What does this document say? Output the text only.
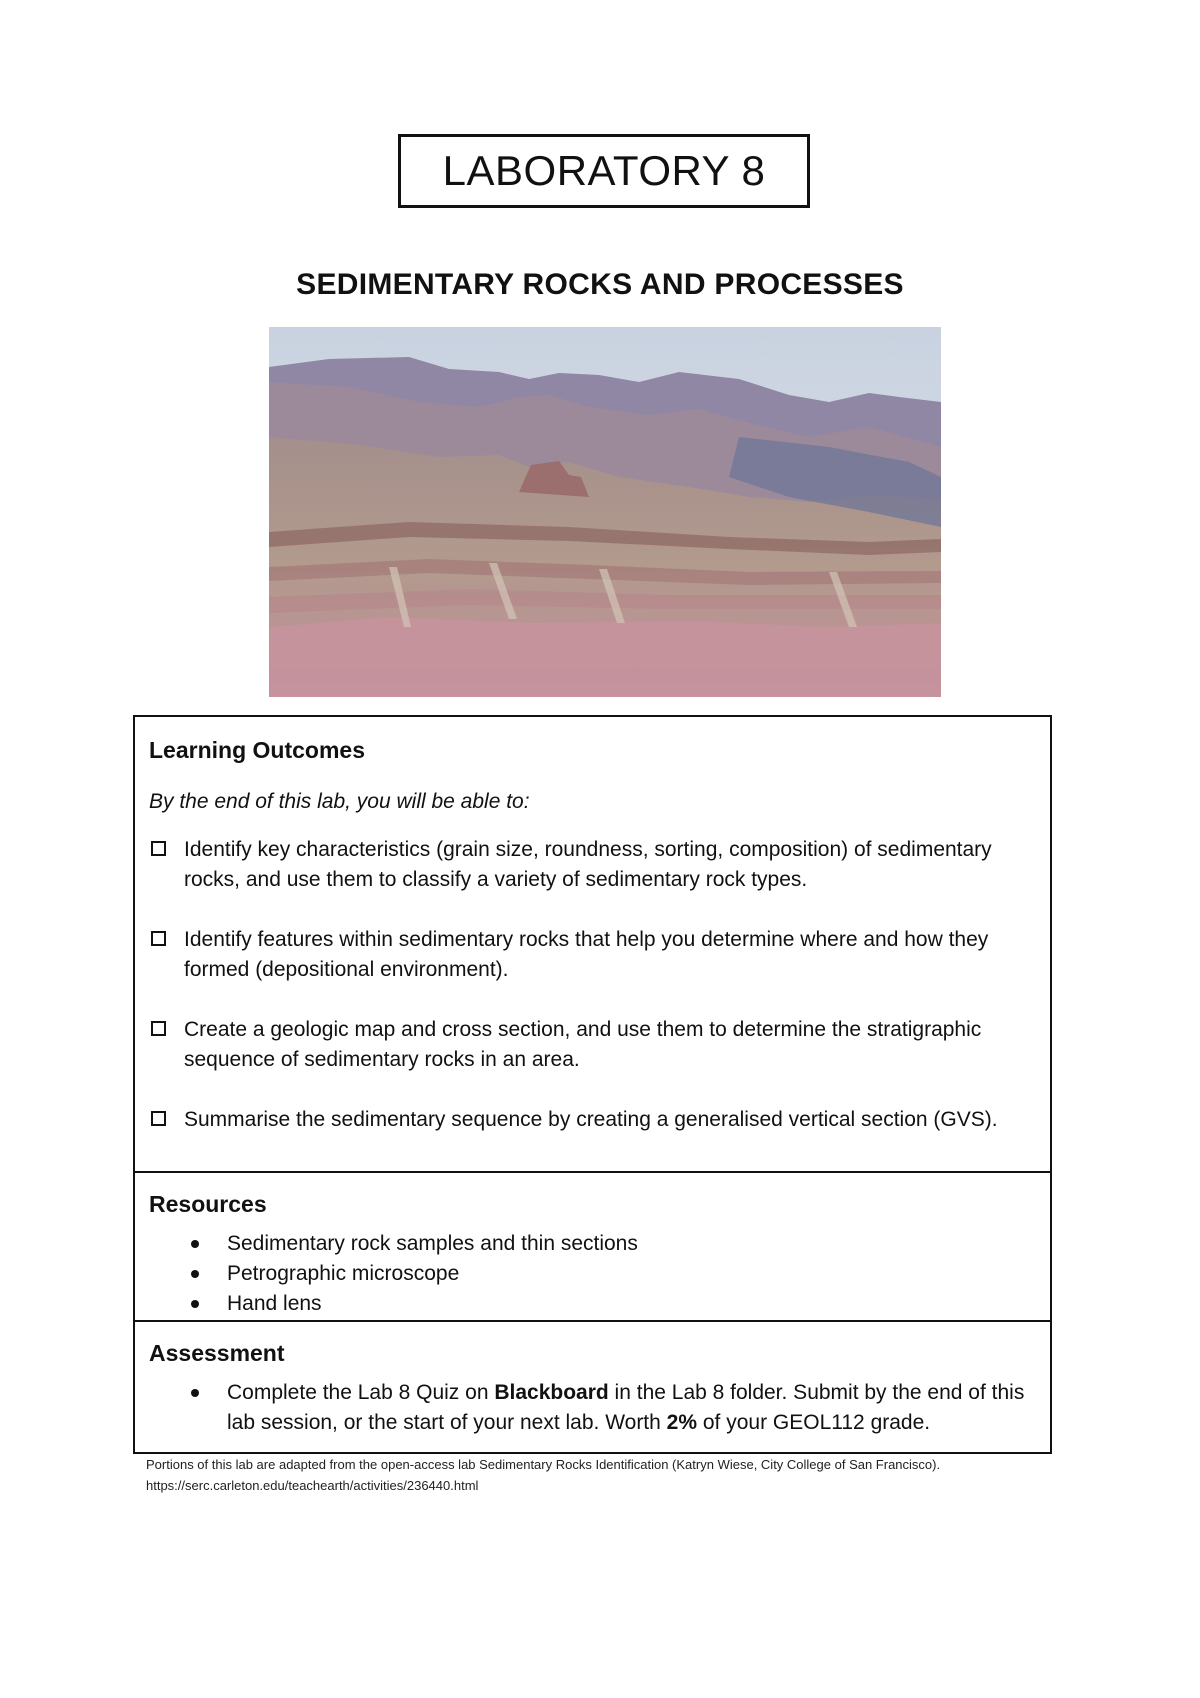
LABORATORY 8
SEDIMENTARY ROCKS AND PROCESSES

Learning Outcomes

By the end of this lab, you will be able to:

Identify key characteristics (grain size, roundness, sorting, composition) of sedimentary rocks, and use them to classify a variety of sedimentary rock types.
Identify features within sedimentary rocks that help you determine where and how they formed (depositional environment).
Create a geologic map and cross section, and use them to determine the stratigraphic sequence of sedimentary rocks in an area.
Summarise the sedimentary sequence by creating a generalised vertical section (GVS).

Resources

Sedimentary rock samples and thin sections
Petrographic microscope
Hand lens

Assessment

Complete the Lab 8 Quiz on Blackboard in the Lab 8 folder. Submit by the end of this lab session, or the start of your next lab. Worth 2% of your GEOL112 grade.
Portions of this lab are adapted from the open-access lab Sedimentary Rocks Identification (Katryn Wiese, City College of San Francisco).
https://serc.carleton.edu/teachearth/activities/236440.html
